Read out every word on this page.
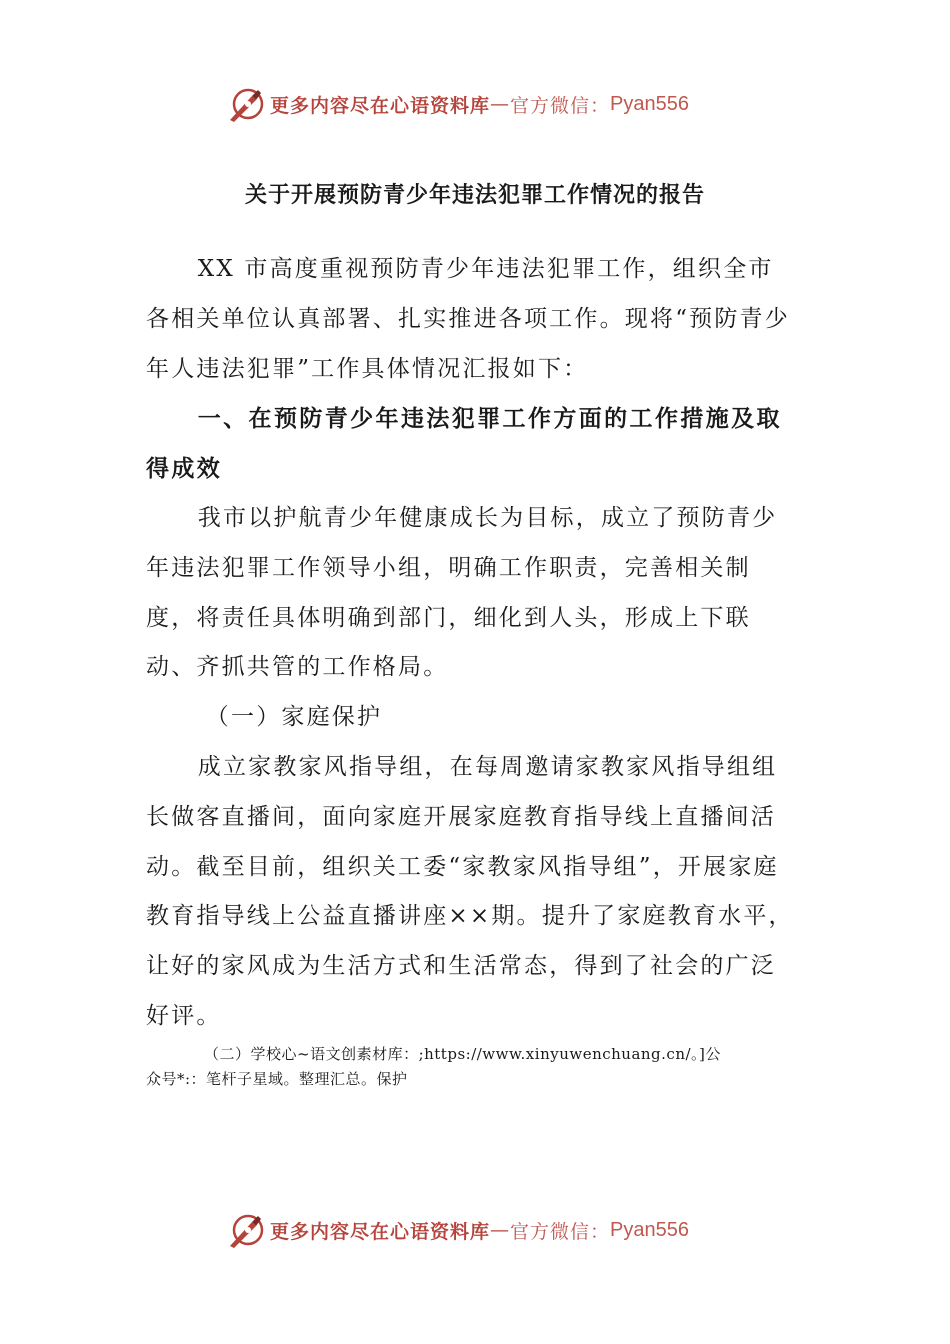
更多内容尽在心语资料库 — 官方微信： Pyan556
关于开展预防青少年违法犯罪工作情况的报告

XX 市高度重视预防青少年违法犯罪工作，组织全市各相关单位认真部署、扎实推进各项工作。现将“预防青少年人违法犯罪”工作具体情况汇报如下：

一、在预防青少年违法犯罪工作方面的工作措施及取得成效

我市以护航青少年健康成长为目标，成立了预防青少年违法犯罪工作领导小组，明确工作职责，完善相关制度，将责任具体明确到部门，细化到人头，形成上下联动、齐抓共管的工作格局。

（一）家庭保护

成立家教家风指导组，在每周邀请家教家风指导组组长做客直播间，面向家庭开展家庭教育指导线上直播间活动。截至目前，组织关工委“家教家风指导组”，开展家庭教育指导线上公益直播讲座××期。提升了家庭教育水平，让好的家风成为生活方式和生活常态，得到了社会的广泛好评。

（二）学校心~语文创素材库：;https://www.xinyuwenchuang.cn/。]公
众号*:：笔杆子星域。整理汇总。保护
更多内容尽在心语资料库 — 官方微信： Pyan556
